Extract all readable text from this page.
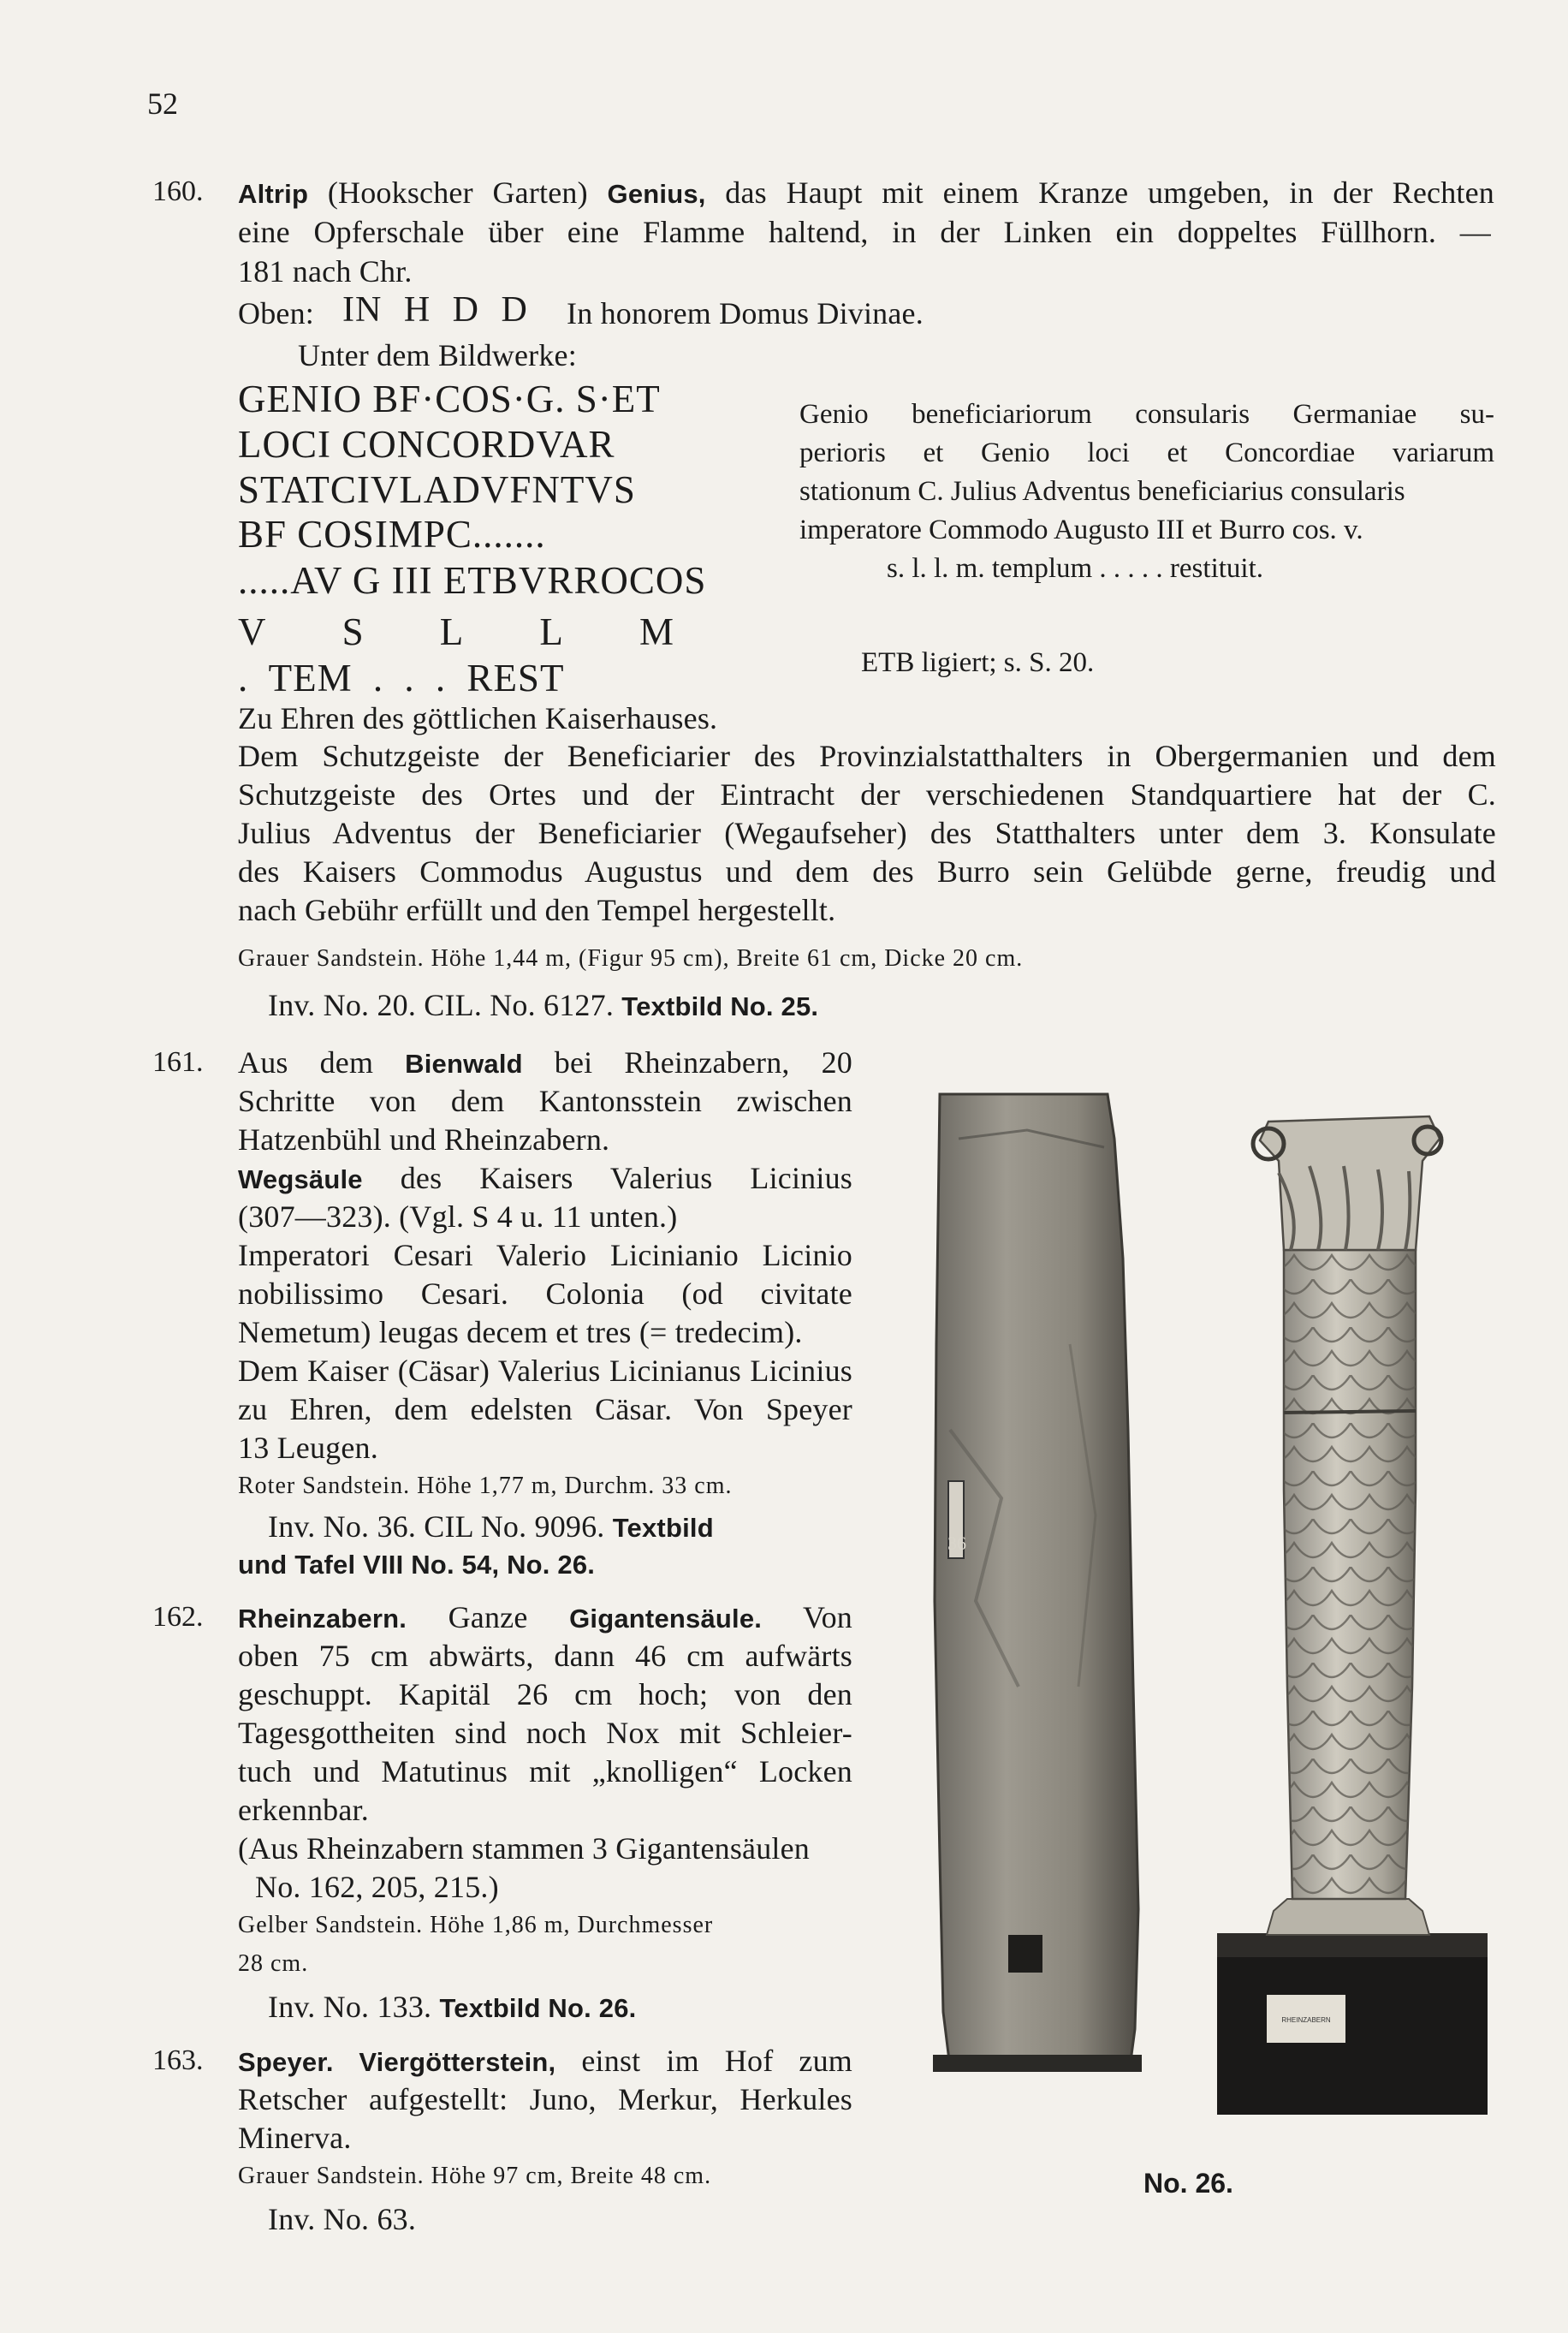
52
160. Altrip (Hookscher Garten) Genius, das Haupt mit einem Kranze umgeben, in der Rechten
eine Opferschale über eine Flamme haltend, in der Linken ein doppeltes Füllhorn. —
181 nach Chr.
Oben: IN H D D In honorem Domus Divinae.
Unter dem Bildwerke:
GENIO BF·COS·G. S·ET
LOCI CONCORDVAR
STATCIVLADVFNTVS
BF COSIMPC.......
.....AV G III ETBVRROCOS
V S L L M
. TEM . . . REST
Genio beneficiariorum consularis Germaniae su-
perioris et Genio loci et Concordiae variarum
stationum C. Julius Adventus beneficiarius consularis
imperatore Commodo Augusto III et Burro cos. v.
s. l. l. m. templum . . . . . restituit.
ETB ligiert; s. S. 20.
Zu Ehren des göttlichen Kaiserhauses.
Dem Schutzgeiste der Beneficiarier des Provinzialstatthalters in Obergermanien und dem
Schutzgeiste des Ortes und der Eintracht der verschiedenen Standquartiere hat der C.
Julius Adventus der Beneficiarier (Wegaufseher) des Statthalters unter dem 3. Konsulate
des Kaisers Commodus Augustus und dem des Burro sein Gelübde gerne, freudig und
nach Gebühr erfüllt und den Tempel hergestellt.
Grauer Sandstein. Höhe 1,44 m, (Figur 95 cm), Breite 61 cm, Dicke 20 cm.
Inv. No. 20. CIL. No. 6127. Textbild No. 25.
161. Aus dem Bienwald bei Rheinzabern, 20
Schritte von dem Kantonsstein zwischen
Hatzenbühl und Rheinzabern.
Wegsäule des Kaisers Valerius Licinius
(307—323). (Vgl. S 4 u. 11 unten.)
Imperatori Cesari Valerio Licinianio Licinio
nobilissimo Cesari. Colonia (od civitate
Nemetum) leugas decem et tres (= tredecim).
Dem Kaiser (Cäsar) Valerius Licinianus Licinius
zu Ehren, dem edelsten Cäsar. Von Speyer
13 Leugen.
Roter Sandstein. Höhe 1,77 m, Durchm. 33 cm.
Inv. No. 36. CIL No. 9096. Textbild
und Tafel VIII No. 54, No. 26.
162. Rheinzabern. Ganze Gigantensäule. Von
oben 75 cm abwärts, dann 46 cm aufwärts
geschuppt. Kapitäl 26 cm hoch; von den
Tagesgottheiten sind noch Nox mit Schleier-
tuch und Matutinus mit „knolligen“ Locken
erkennbar.
(Aus Rheinzabern stammen 3 Gigantensäulen
No. 162, 205, 215.)
Gelber Sandstein. Höhe 1,86 m, Durchmesser
28 cm.
Inv. No. 133. Textbild No. 26.
163. Speyer. Viergötterstein, einst im Hof zum
Retscher aufgestellt: Juno, Merkur, Herkules
Minerva.
Grauer Sandstein. Höhe 97 cm, Breite 48 cm.
Inv. No. 63.
36
RHEINZABERN
No. 26.
